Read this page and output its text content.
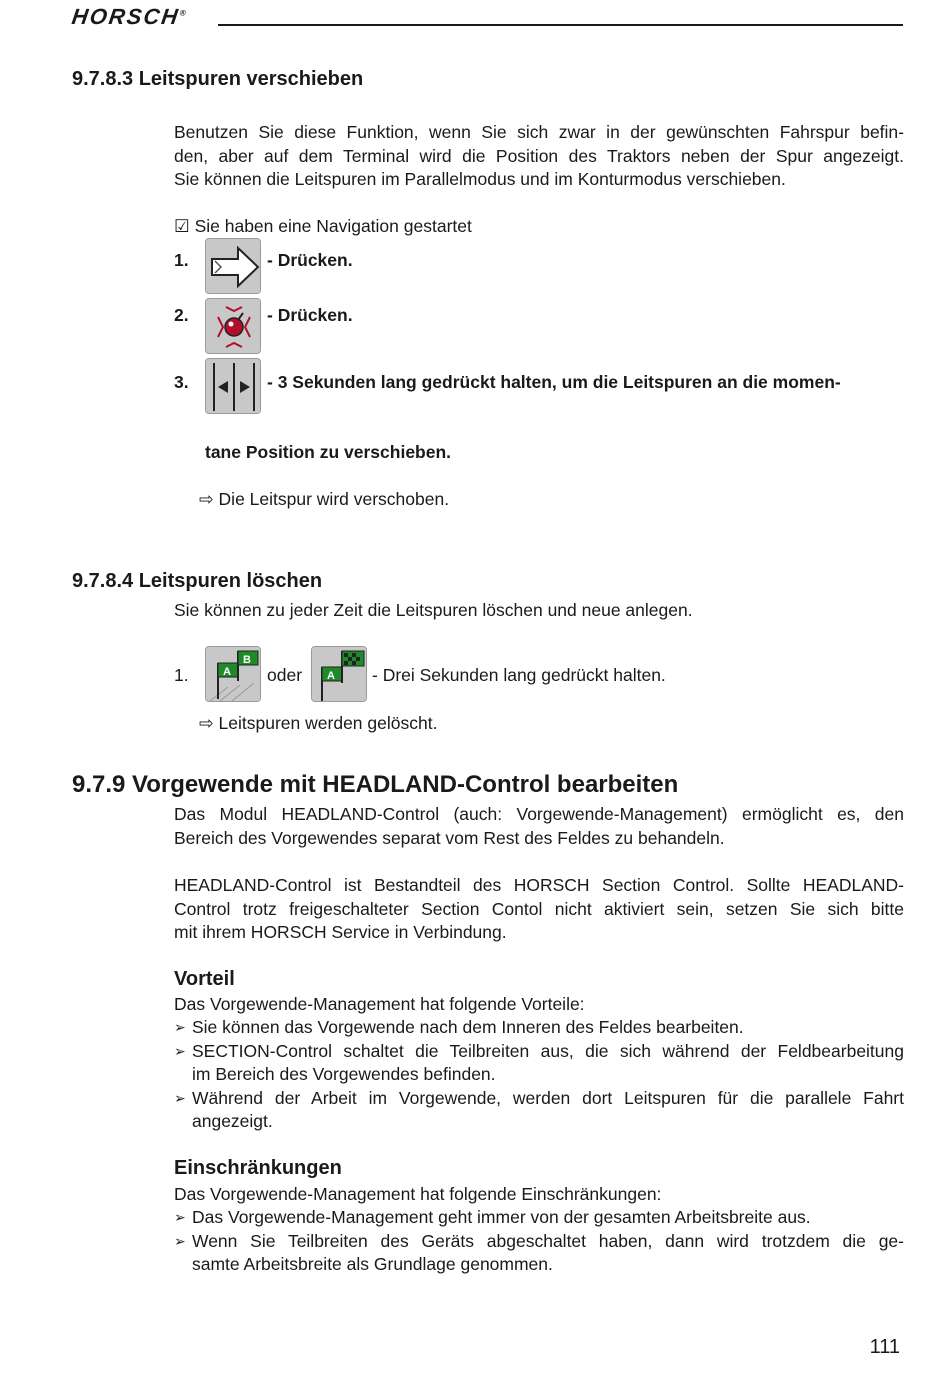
HORSCH®
9.7.8.3 Leitspuren verschieben
Benutzen Sie diese Funktion, wenn Sie sich zwar in der gewünschten Fahrspur befin-
den, aber auf dem Terminal wird die Position des Traktors neben der Spur angezeigt.
Sie können die Leitspuren im Parallelmodus und im Konturmodus verschieben.
☑ Sie haben eine Navigation gestartet
1.	- Drücken.
2.	- Drücken.
3.	- 3 Sekunden lang gedrückt halten, um die Leitspuren an die momen-
tane Position zu verschieben.
⇨ Die Leitspur wird verschoben.
9.7.8.4 Leitspuren löschen
Sie können zu jeder Zeit die Leitspuren löschen und neue anlegen.
1.	A
B
oder A - Drei Sekunden lang gedrückt halten.
⇨ Leitspuren werden gelöscht.
9.7.9 Vorgewende mit HEADLAND-Control bearbeiten
Das Modul HEADLAND-Control (auch: Vorgewende-Management) ermöglicht es, den
Bereich des Vorgewendes separat vom Rest des Feldes zu behandeln.
HEADLAND-Control ist Bestandteil des HORSCH Section Control. Sollte HEADLAND-
Control trotz freigeschalteter Section Contol nicht aktiviert sein, setzen Sie sich bitte
mit ihrem HORSCH Service in Verbindung.
Vorteil
Das Vorgewende-Management hat folgende Vorteile:
➢ Sie können das Vorgewende nach dem Inneren des Feldes bearbeiten.
➢ SECTION-Control schaltet die Teilbreiten aus, die sich während der Feldbearbeitung
im Bereich des Vorgewendes befinden.
➢ Während der Arbeit im Vorgewende, werden dort Leitspuren für die parallele Fahrt
angezeigt.
Einschränkungen
Das Vorgewende-Management hat folgende Einschränkungen:
➢ Das Vorgewende-Management geht immer von der gesamten Arbeitsbreite aus.
➢ Wenn Sie Teilbreiten des Geräts abgeschaltet haben, dann wird trotzdem die ge-
samte Arbeitsbreite als Grundlage genommen.
111
